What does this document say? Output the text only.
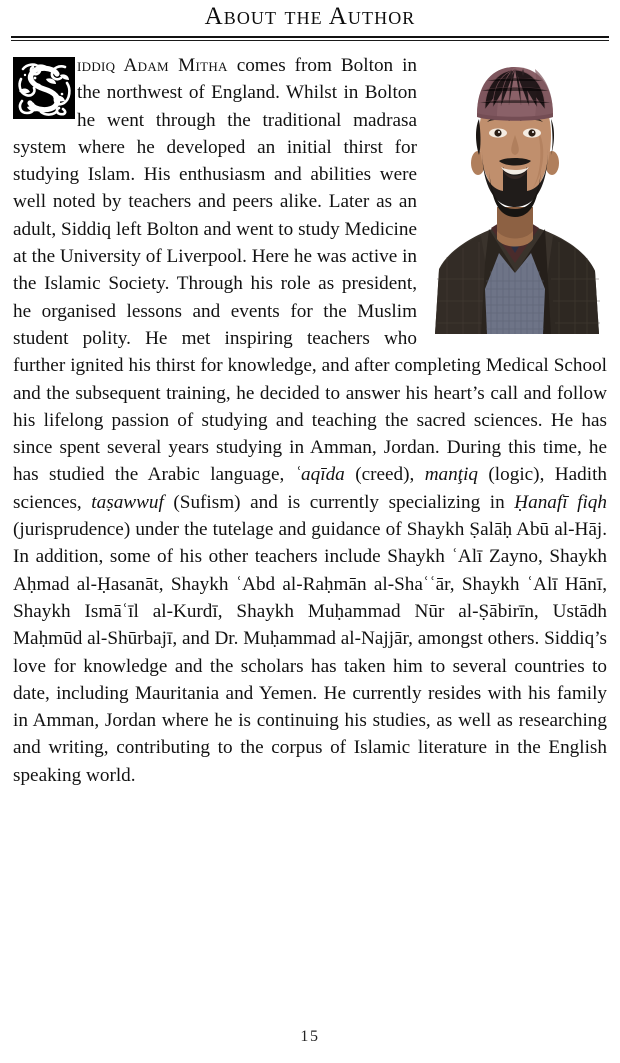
About the Author

iddiq Adam Mitha comes from Bolton in the northwest of England. Whilst in Bolton he went through the traditional madrasa system where he developed an initial thirst for studying Islam. His enthusiasm and abilities were well noted by teachers and peers alike. Later as an adult, Siddiq left Bolton and went to study Medicine at the University of Liverpool. Here he was active in the Islamic Society. Through his role as president, he organised lessons and events for the Muslim student polity. He met inspiring teachers who further ignited his thirst for knowledge, and after completing Medical School and the subsequent training, he decided to answer his heart’s call and follow his lifelong passion of studying and teaching the sacred sciences. He has since spent several years studying in Amman, Jordan. During this time, he has studied the Arabic language, ʿaqīda (creed), manţiq (logic), Hadith sciences, taṣawwuf (Sufism) and is currently specializing in Ḥanafī fiqh (jurisprudence) under the tutelage and guidance of Shaykh Ṣalāḥ Abū al-Hāj. In addition, some of his other teachers include Shaykh ʿAlī Zayno, Shaykh Aḥmad al-Ḥasanāt, Shaykh ʿAbd al-Raḥmān al-Shaʿʿār, Shaykh ʿAlī Hānī, Shaykh Ismāʿīl al-Kurdī, Shaykh Muḥammad Nūr al-Ṣābirīn, Ustādh Maḥmūd al-Shūrbajī, and Dr. Muḥammad al-Najjār, amongst others. Siddiq’s love for knowledge and the scholars has taken him to several countries to date, including Mauritania and Yemen. He currently resides with his family in Amman, Jordan where he is continuing his studies, as well as researching and writing, contributing to the corpus of Islamic literature in the English speaking world.

15
